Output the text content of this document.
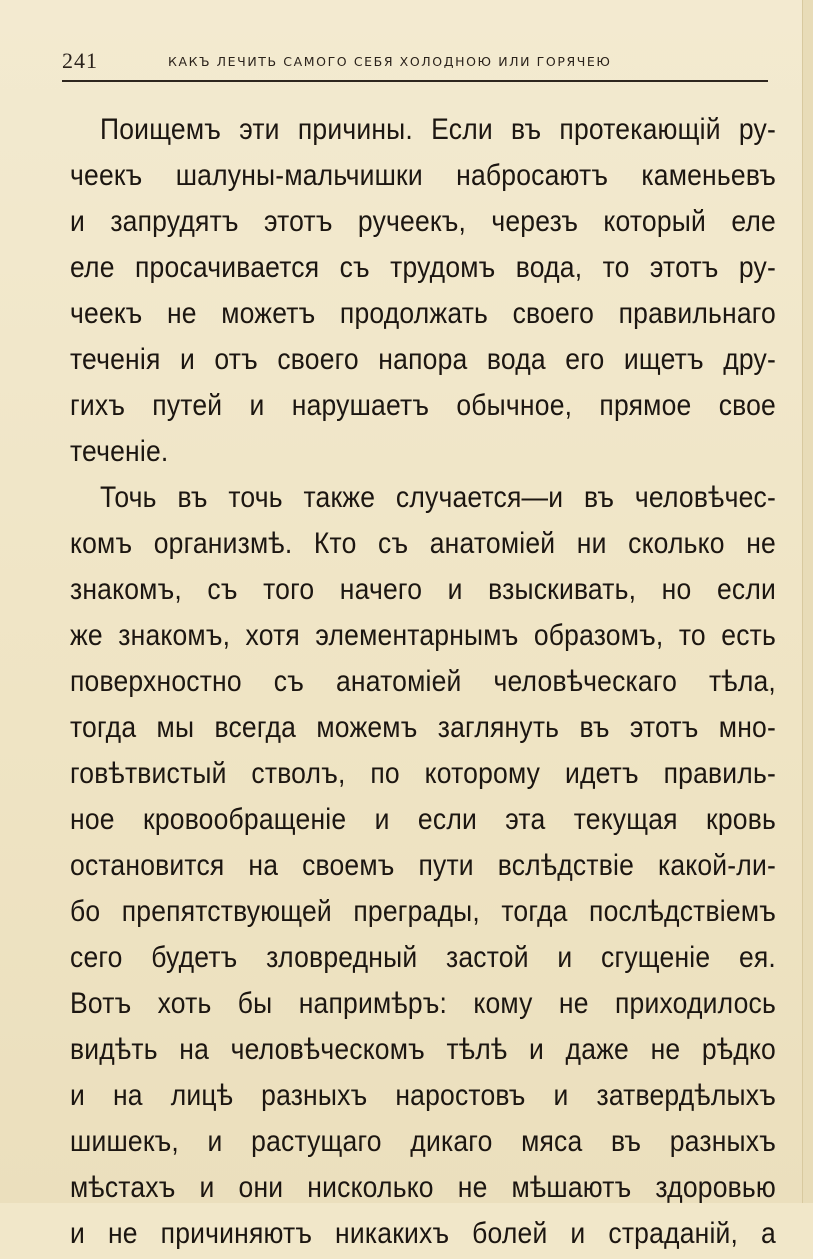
241	КАКЪ ЛЕЧИТЬ САМОГО СЕБЯ ХОЛОДНОЮ ИЛИ ГОРЯЧЕЮ
Поищемъ эти причины. Если въ протекающій ру-
чеекъ шалуны-мальчишки набросаютъ каменьевъ
и запрудятъ этотъ ручеекъ, черезъ который еле
еле просачивается съ трудомъ вода, то этотъ ру-
чеекъ не можетъ продолжать своего правильнаго
теченія и отъ своего напора вода его ищетъ дру-
гихъ путей и нарушаетъ обычное, прямое свое
теченіе.
Точь въ точь также случается—и въ человѣчес-
комъ организмѣ. Кто съ анатоміей ни сколько не
знакомъ, съ того начего и взыскивать, но если
же знакомъ, хотя элементарнымъ образомъ, то есть
поверхностно съ анатоміей человѣческаго тѣла,
тогда мы всегда можемъ заглянуть въ этотъ мно-
говѣтвистый стволъ, по которому идетъ правиль-
ное кровообращеніе и если эта текущая кровь
остановится на своемъ пути вслѣдствіе какой-ли-
бо препятствующей преграды, тогда послѣдствіемъ
сего будетъ зловредный застой и сгущеніе ея.
Вотъ хоть бы напримѣръ: кому не приходилось
видѣть на человѣческомъ тѣлѣ и даже не рѣдко
и на лицѣ разныхъ наростовъ и затвердѣлыхъ
шишекъ, и растущаго дикаго мяса въ разныхъ
мѣстахъ и они нисколько не мѣшаютъ здоровью
и не причиняютъ никакихъ болей и страданій, а
